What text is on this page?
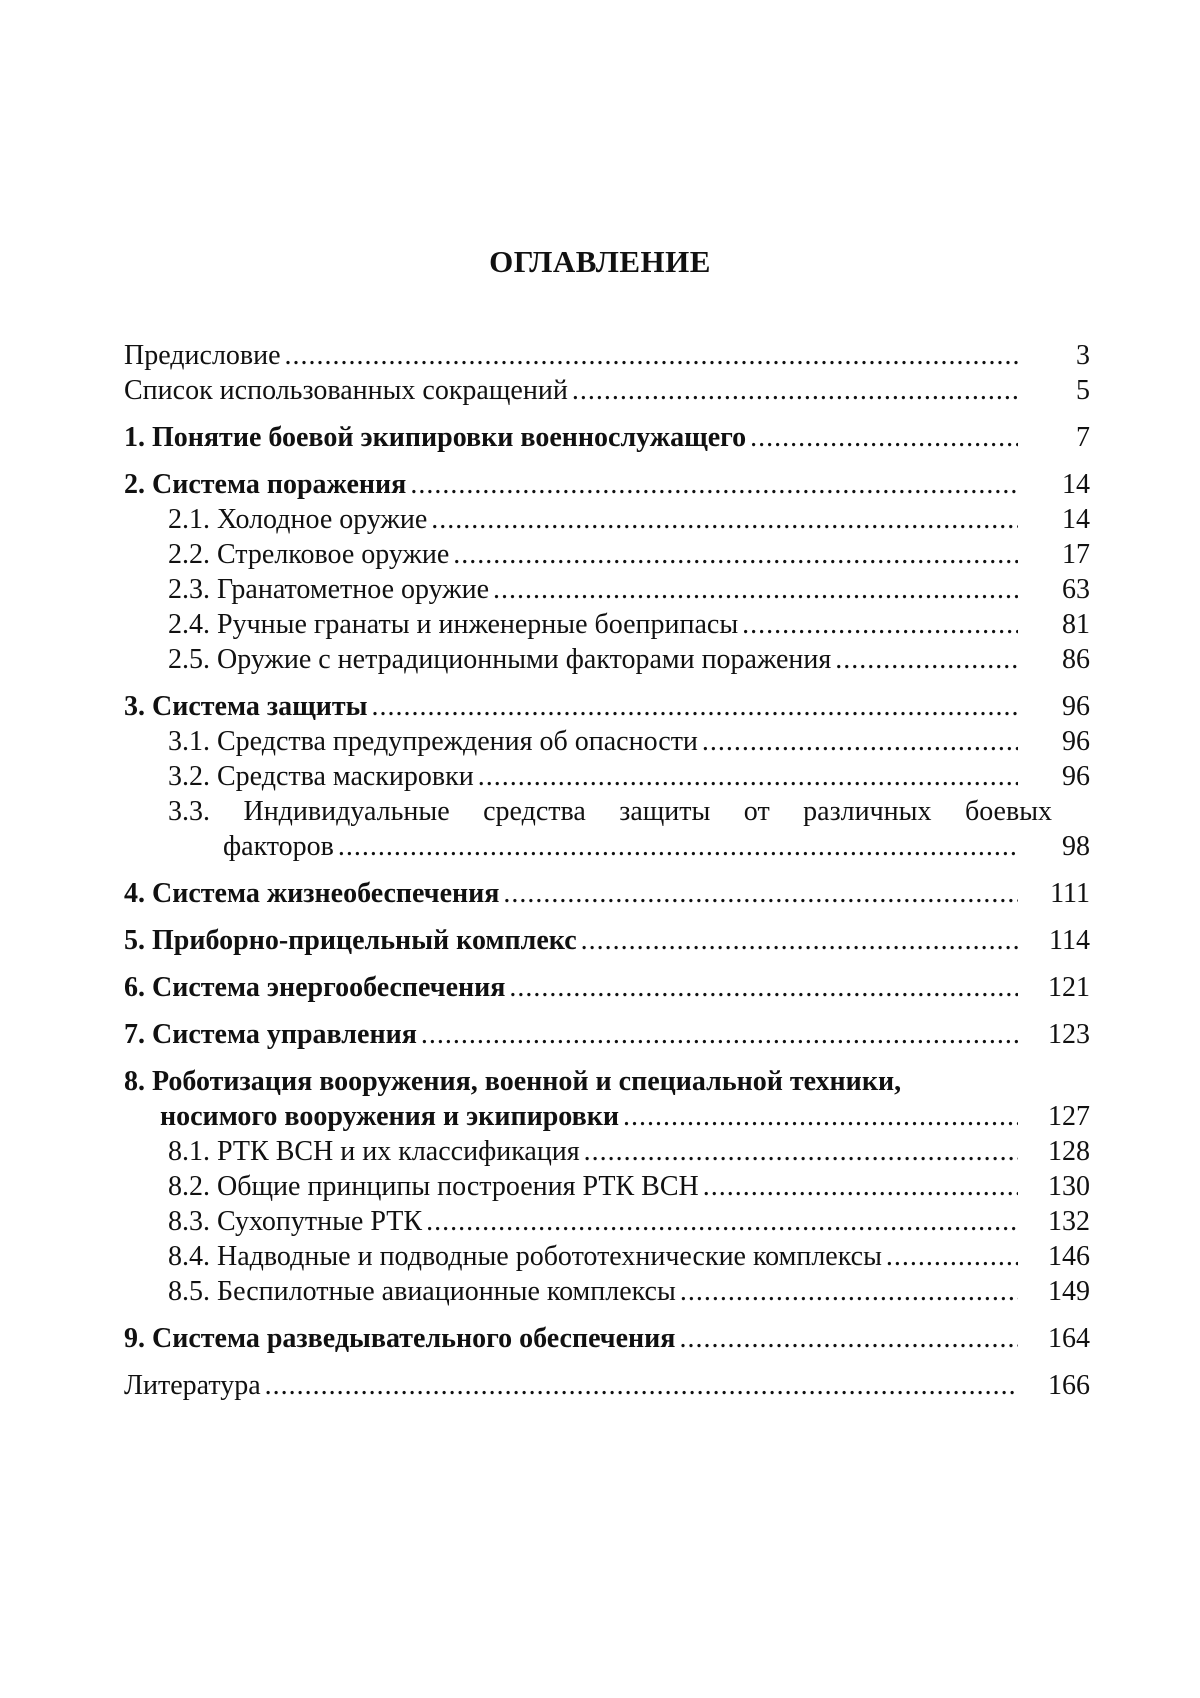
ОГЛАВЛЕНИЕ
Предисловие .....	3
Список использованных сокращений .....	5
1. Понятие боевой экипировки военнослужащего .....	7
2. Система поражения .....	14
2.1. Холодное оружие .....	14
2.2. Стрелковое оружие .....	17
2.3. Гранатометное оружие .....	63
2.4. Ручные гранаты и инженерные боеприпасы .....	81
2.5. Оружие с нетрадиционными факторами поражения .....	86
3. Система защиты .....	96
3.1. Средства предупреждения об опасности .....	96
3.2. Средства маскировки .....	96
3.3. Индивидуальные средства защиты от различных боевых
факторов .....	98
4. Система жизнеобеспечения .....	111
5. Приборно-прицельный комплекс .....	114
6. Система энергообеспечения .....	121
7. Система управления .....	123
8. Роботизация вооружения, военной и специальной техники,
носимого вооружения и экипировки .....	127
8.1. РТК ВСН и их классификация .....	128
8.2. Общие принципы построения РТК ВСН .....	130
8.3. Сухопутные РТК .....	132
8.4. Надводные и подводные робототехнические комплексы .....	146
8.5. Беспилотные авиационные комплексы .....	149
9. Система разведывательного обеспечения .....	164
Литература .....	166
